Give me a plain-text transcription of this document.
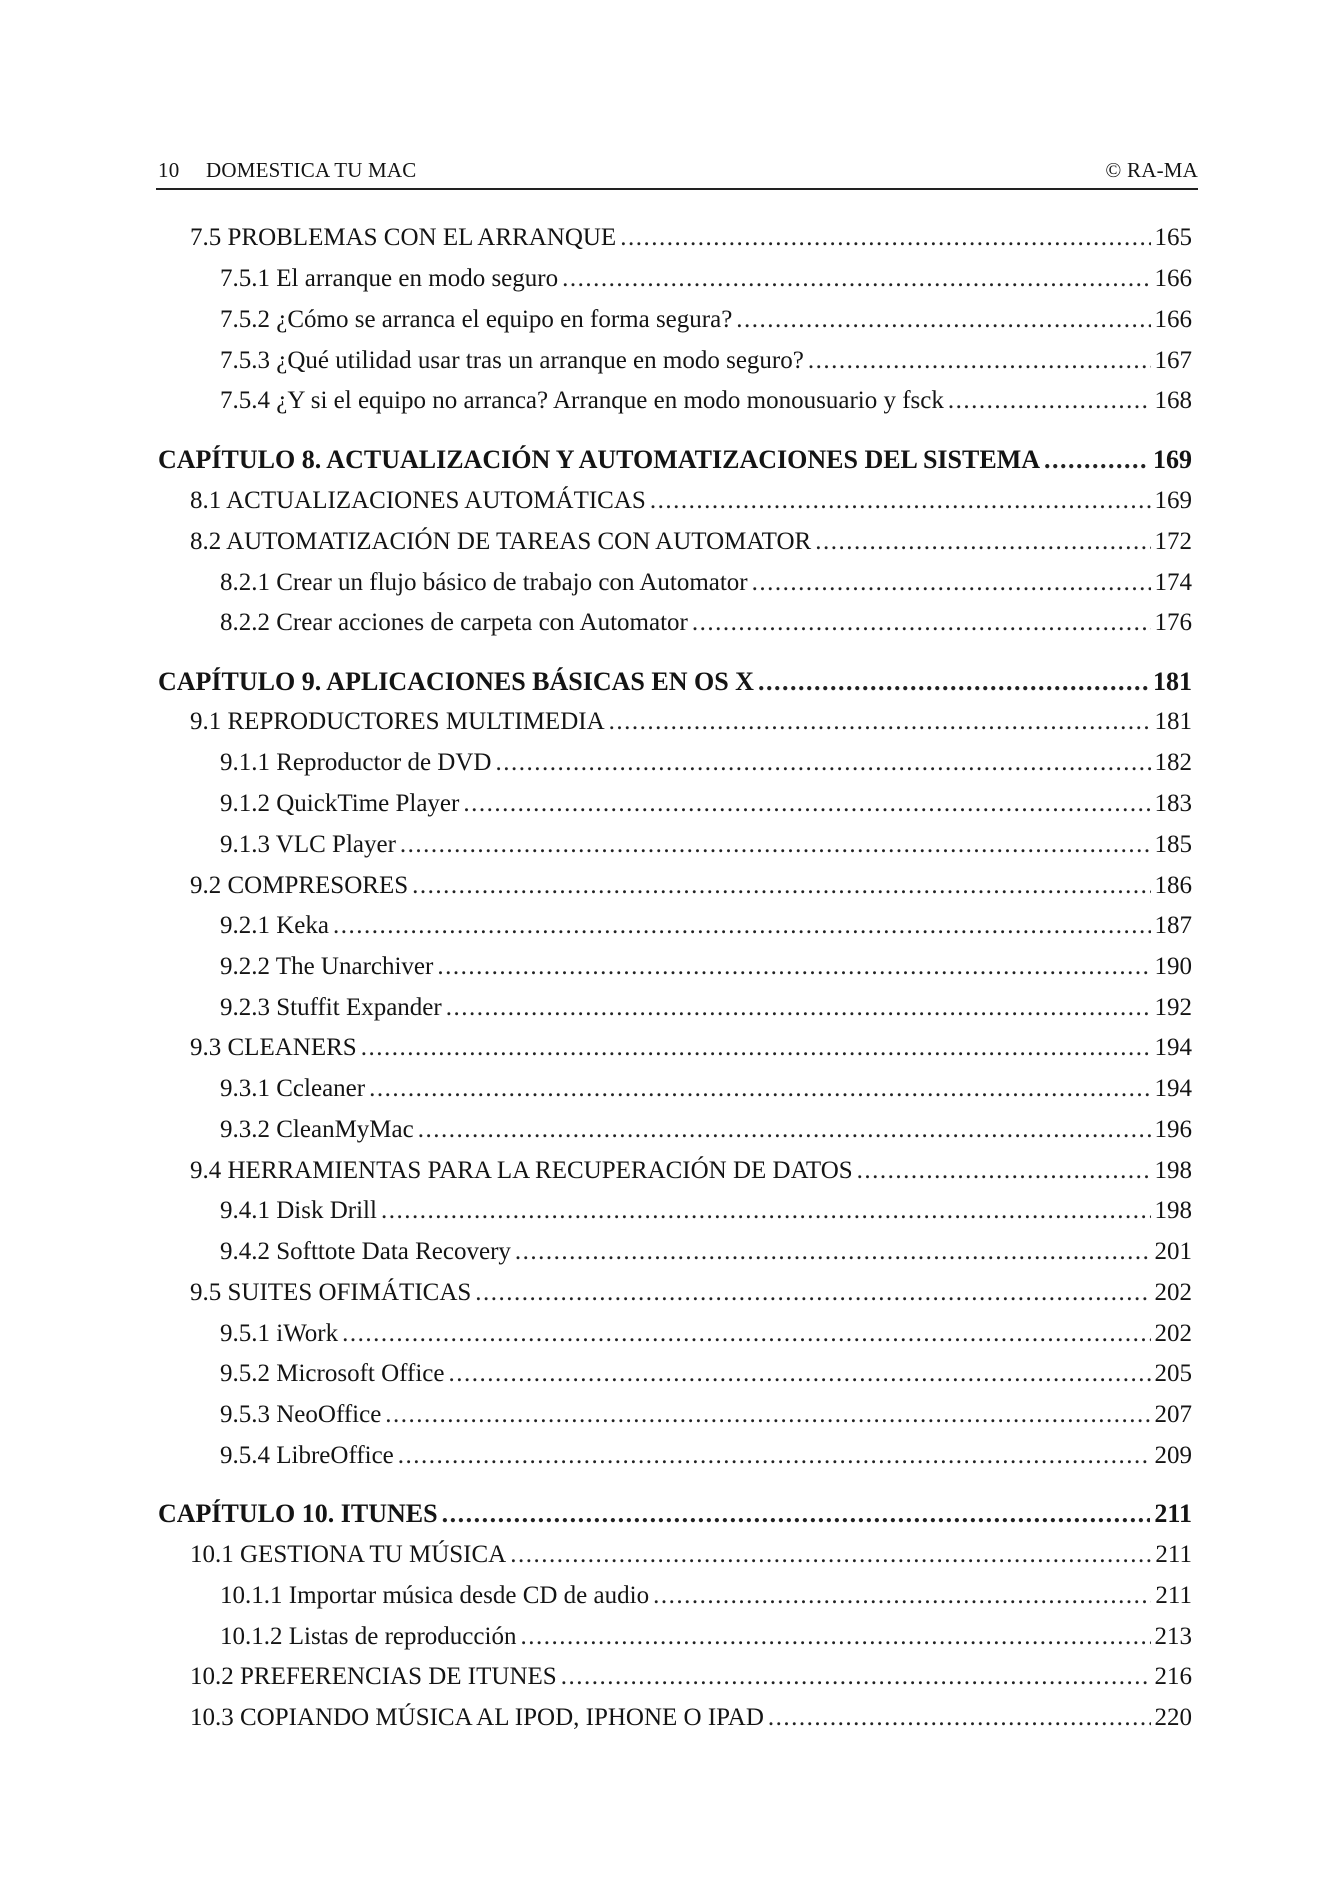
10 DOMESTICA TU MAC	© RA-MA
7.5 PROBLEMAS CON EL ARRANQUE .....	165
7.5.1 El arranque en modo seguro .....	166
7.5.2 ¿Cómo se arranca el equipo en forma segura? .....	166
7.5.3 ¿Qué utilidad usar tras un arranque en modo seguro? .....	167
7.5.4 ¿Y si el equipo no arranca? Arranque en modo monousuario y fsck .....	168
CAPÍTULO 8. ACTUALIZACIÓN Y AUTOMATIZACIONES DEL SISTEMA .....	169
8.1 ACTUALIZACIONES AUTOMÁTICAS .....	169
8.2 AUTOMATIZACIÓN DE TAREAS CON AUTOMATOR .....	172
8.2.1 Crear un flujo básico de trabajo con Automator .....	174
8.2.2 Crear acciones de carpeta con Automator .....	176
CAPÍTULO 9. APLICACIONES BÁSICAS EN OS X .....	181
9.1 REPRODUCTORES MULTIMEDIA .....	181
9.1.1 Reproductor de DVD .....	182
9.1.2 QuickTime Player .....	183
9.1.3 VLC Player .....	185
9.2 COMPRESORES .....	186
9.2.1 Keka .....	187
9.2.2 The Unarchiver .....	190
9.2.3 Stuffit Expander .....	192
9.3 CLEANERS .....	194
9.3.1 Ccleaner .....	194
9.3.2 CleanMyMac .....	196
9.4 HERRAMIENTAS PARA LA RECUPERACIÓN DE DATOS .....	198
9.4.1 Disk Drill .....	198
9.4.2 Softtote Data Recovery .....	201
9.5 SUITES OFIMÁTICAS .....	202
9.5.1 iWork .....	202
9.5.2 Microsoft Office .....	205
9.5.3 NeoOffice .....	207
9.5.4 LibreOffice .....	209
CAPÍTULO 10. ITUNES .....	211
10.1 GESTIONA TU MÚSICA .....	211
10.1.1 Importar música desde CD de audio .....	211
10.1.2 Listas de reproducción .....	213
10.2 PREFERENCIAS DE ITUNES .....	216
10.3 COPIANDO MÚSICA AL IPOD, IPHONE O IPAD .....	220
